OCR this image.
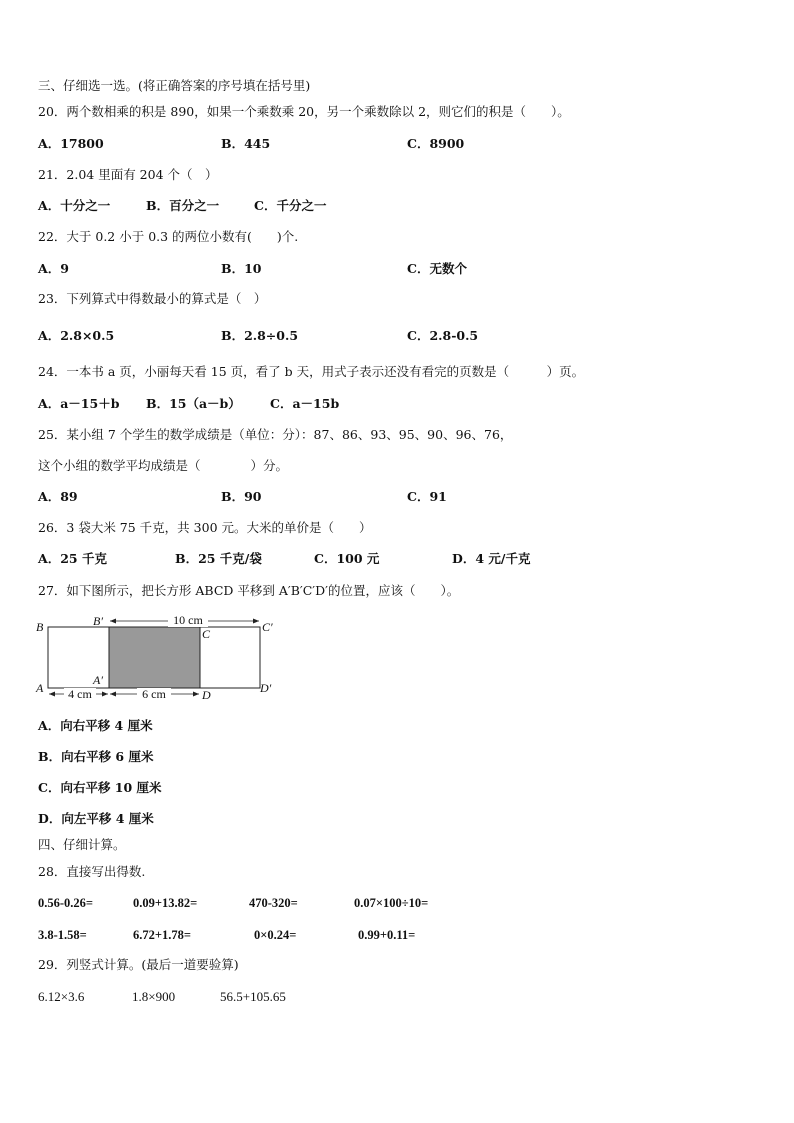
三、仔细选一选。(将正确答案的序号填在括号里)
20．两个数相乘的积是 890，如果一个乘数乘 20，另一个乘数除以 2，则它们的积是（　　）。
A．17800	B．445	C．8900
21．2.04 里面有 204 个（　）
A．十分之一	B．百分之一	C．千分之一
22．大于 0.2 小于 0.3 的两位小数有(　　)个.
A．9	B．10	C．无数个
23．下列算式中得数最小的算式是（　）
A．2.8×0.5	B．2.8÷0.5	C．2.8-0.5
24．一本书 a 页，小丽每天看 15 页，看了 b 天，用式子表示还没有看完的页数是（　　　）页。
A．a－15＋b B．15（a－b） C．a－15b
25．某小组 7 个学生的数学成绩是（单位：分）：87、86、93、95、90、96、76，
这个小组的数学平均成绩是（　　　　）分。
A．89	B．90	C．91
26．3 袋大米 75 千克，共 300 元。大米的单价是（　　）
A．25 千克	B．25 千克/袋	C．100 元	D．4 元/千克
27．如下图所示，把长方形 ABCD 平移到 A′B′C′D′的位置，应该（　　）。
10 cm
4 cm	6 cm
B	B′
C	C′
A
A′
D	D′
A．向右平移 4 厘米
B．向右平移 6 厘米
C．向右平移 10 厘米
D．向左平移 4 厘米
四、仔细计算。
28．直接写出得数.
0.56-0.26=	0.09+13.82=	470-320=	0.07×100÷10=
3.8-1.58=	6.72+1.78=	0×0.24=	0.99+0.11=
29．列竖式计算。(最后一道要验算)
6.12×3.6	1.8×900	56.5+105.65
